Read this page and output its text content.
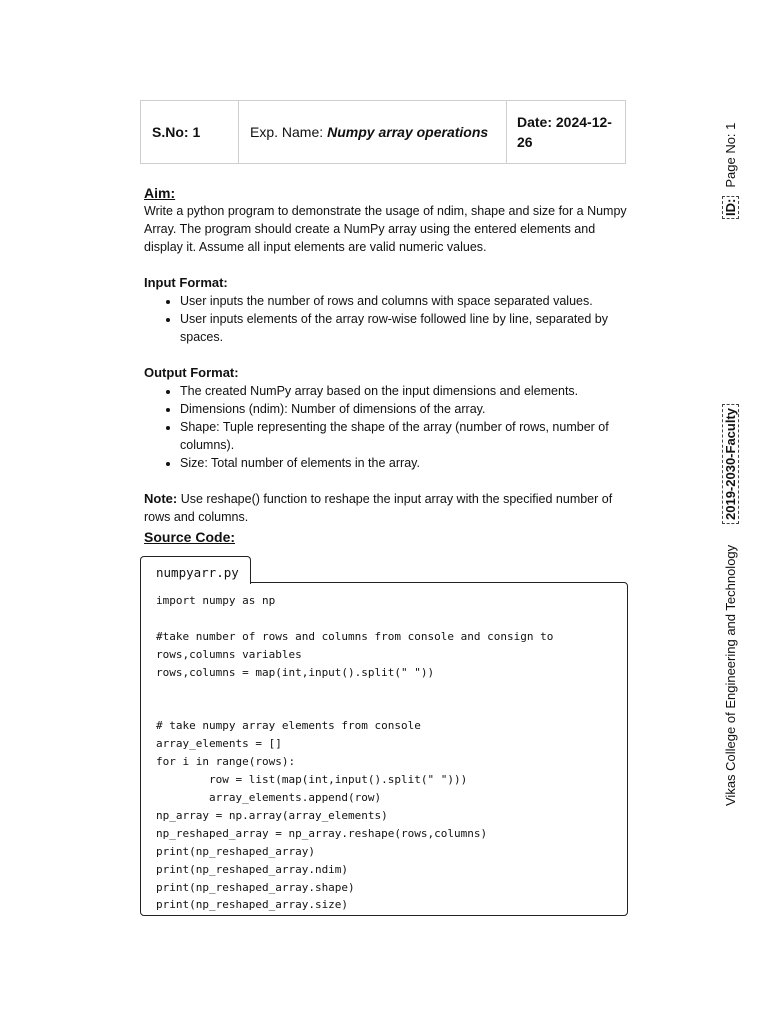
S.No: 1	Exp. Name: Numpy array operations
Date: 2024-12-
26
Aim:

Write a python program to demonstrate the usage of ndim, shape and size for a Numpy Array. The program should create a NumPy array using the entered elements and display it. Assume all input elements are valid numeric values.

Input Format:
• User inputs the number of rows and columns with space separated values.
• User inputs elements of the array row-wise followed line by line, separated by spaces.
Output Format:
• The created NumPy array based on the input dimensions and elements.
• Dimensions (ndim): Number of dimensions of the array.
• Shape: Tuple representing the shape of the array (number of rows, number of columns).
• Size: Total number of elements in the array.

Note: Use reshape() function to reshape the input array with the specified number of rows and columns.

Source Code:
numpyarr.py
import numpy as np

#take number of rows and columns from console and consign to
rows,columns variables
rows,columns = map(int,input().split(" "))

# take numpy array elements from console
array_elements = []
for i in range(rows):
row = list(map(int,input().split(" ")))
array_elements.append(row)
np_array = np.array(array_elements)
np_reshaped_array = np_array.reshape(rows,columns)
print(np_reshaped_array)
print(np_reshaped_array.ndim)
print(np_reshaped_array.shape)
print(np_reshaped_array.size)
ID:Page No: 1
2019-2030-Faculty
Vikas College of Engineering and Technology
